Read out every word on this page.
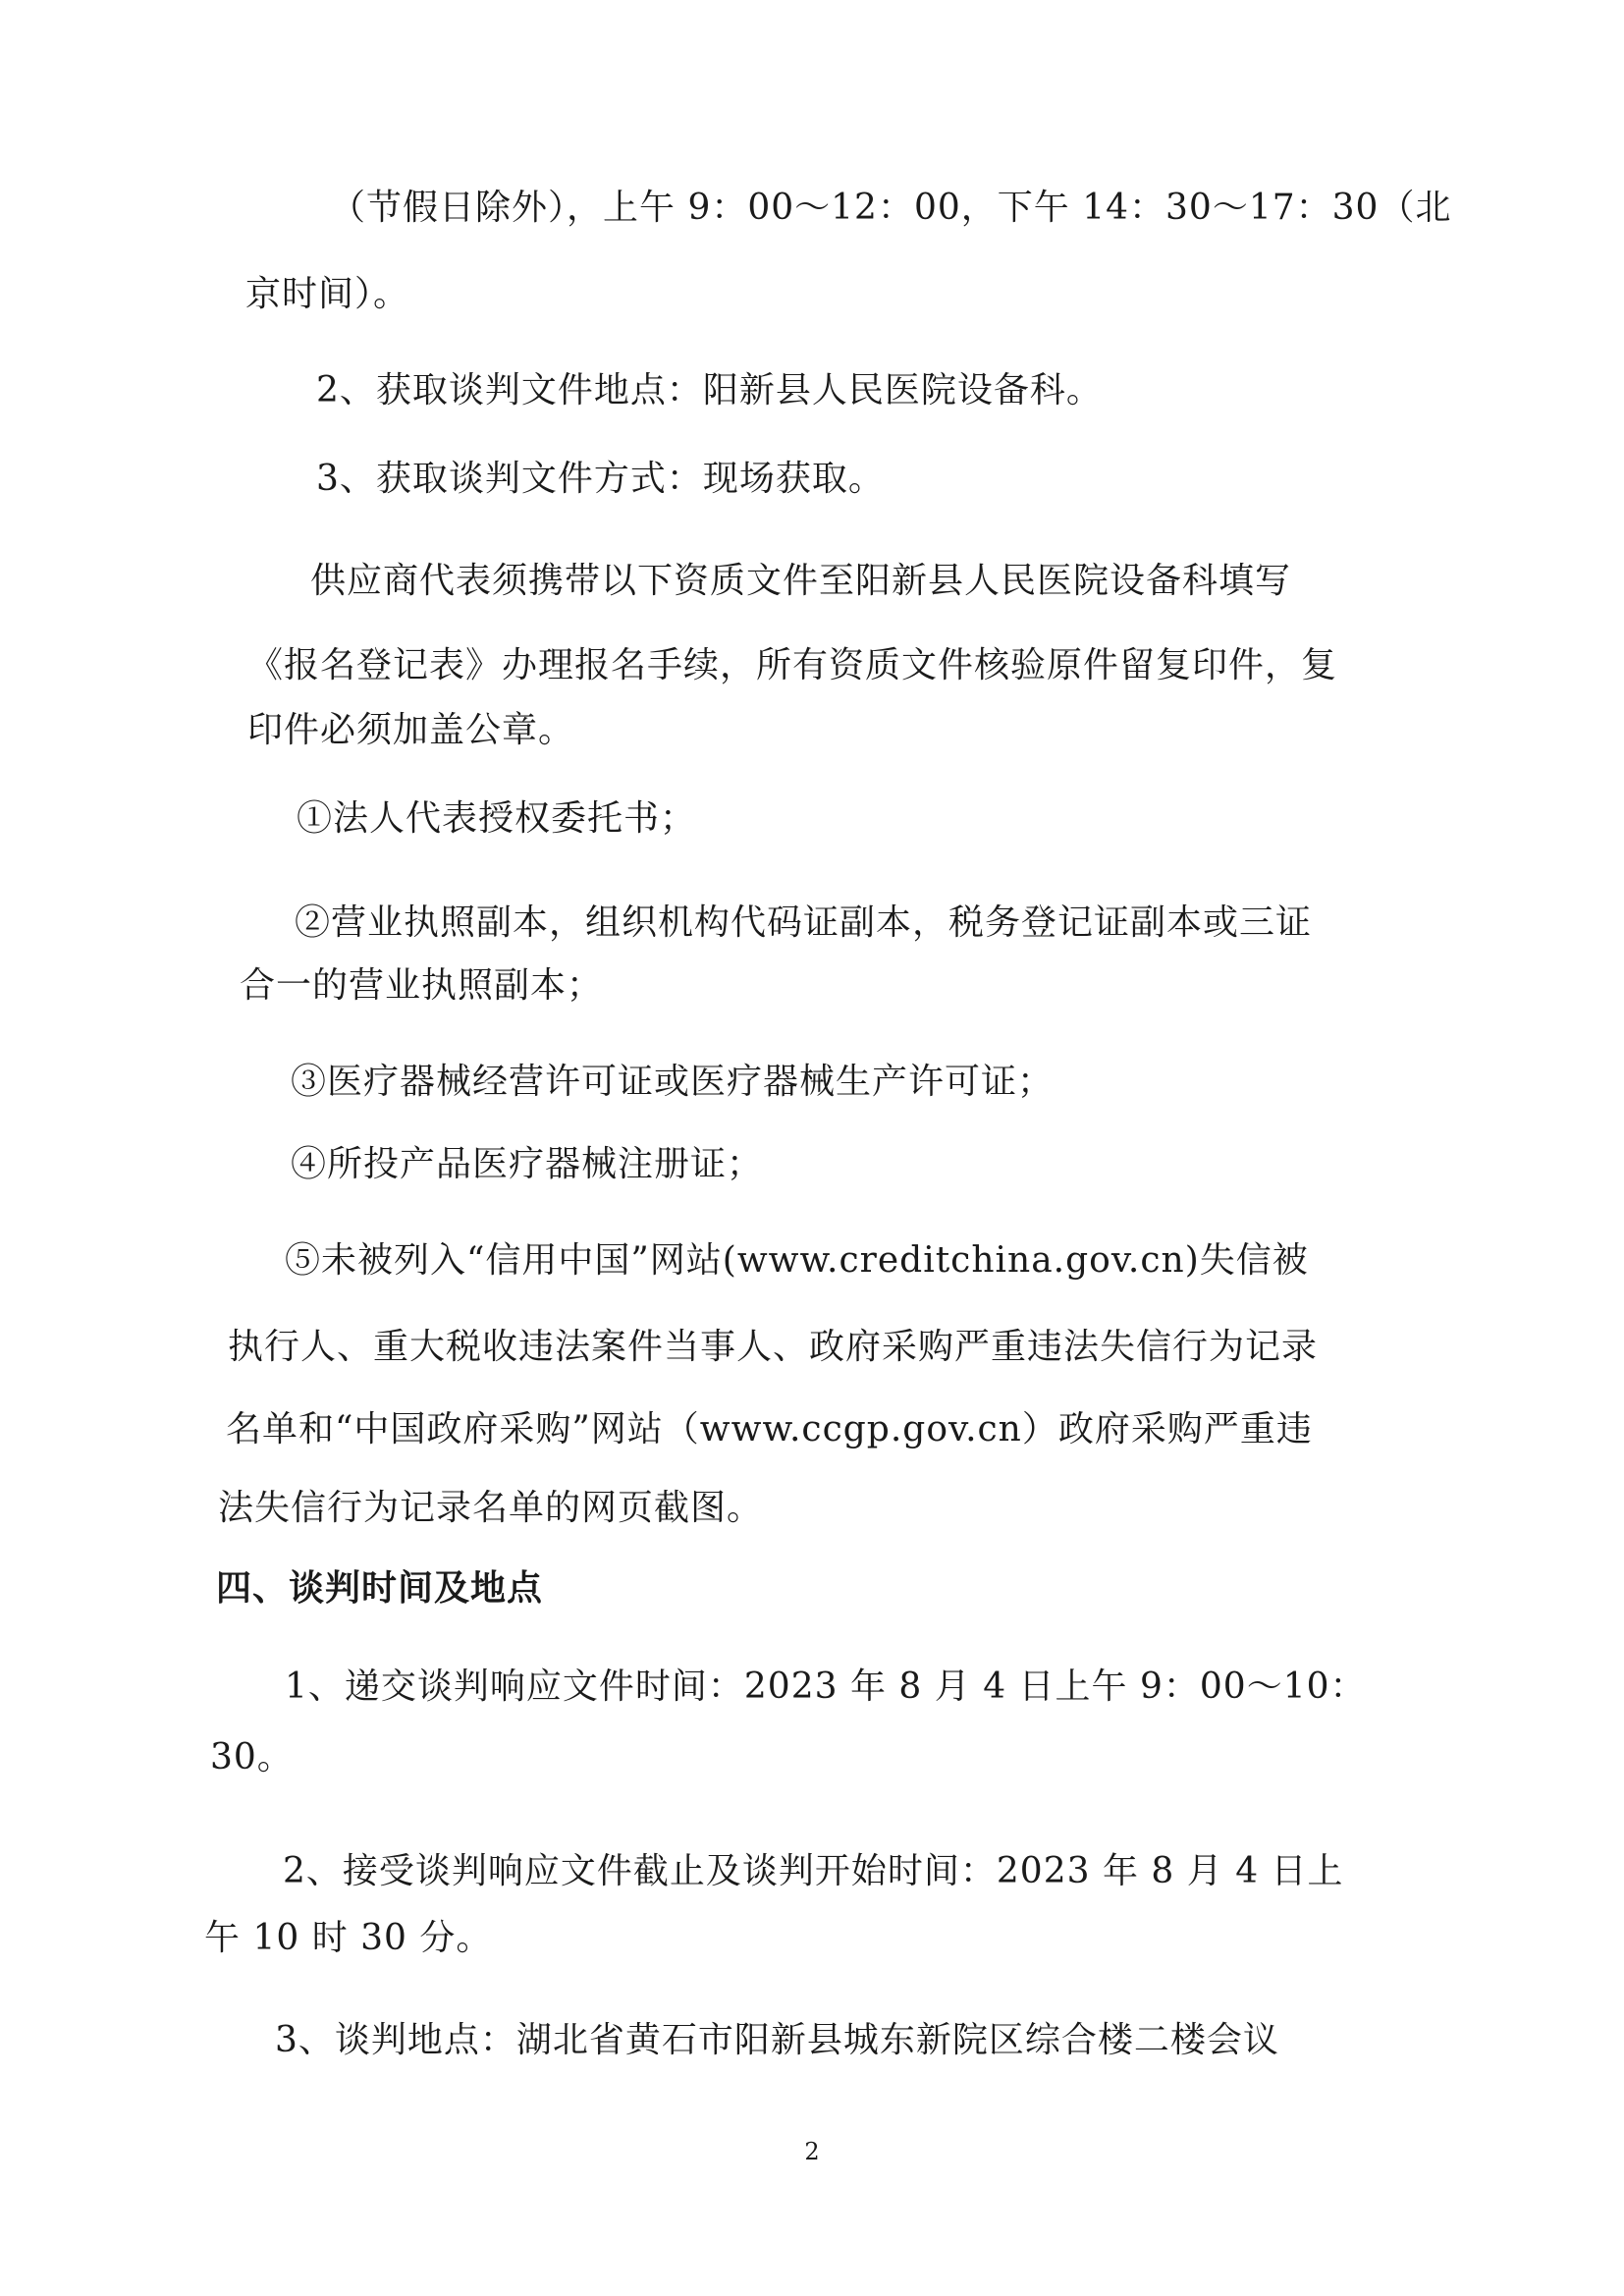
（节假日除外），上午 9：00～12：00，下午 14：30～17：30（北
京时间）。
2、获取谈判文件地点：阳新县人民医院设备科。
3、获取谈判文件方式：现场获取。
供应商代表须携带以下资质文件至阳新县人民医院设备科填写
《报名登记表》办理报名手续，所有资质文件核验原件留复印件，复
印件必须加盖公章。
①法人代表授权委托书；
②营业执照副本，组织机构代码证副本，税务登记证副本或三证
合一的营业执照副本；
③医疗器械经营许可证或医疗器械生产许可证；
④所投产品医疗器械注册证；
⑤未被列入“信用中国”网站(www.creditchina.gov.cn)失信被
执行人、重大税收违法案件当事人、政府采购严重违法失信行为记录
名单和“中国政府采购”网站（www.ccgp.gov.cn）政府采购严重违
法失信行为记录名单的网页截图。
四、谈判时间及地点
1、递交谈判响应文件时间：2023 年 8 月 4 日上午 9：00～10：
30。
2、接受谈判响应文件截止及谈判开始时间：2023 年 8 月 4 日上
午 10 时 30 分。
3、谈判地点：湖北省黄石市阳新县城东新院区综合楼二楼会议
2
